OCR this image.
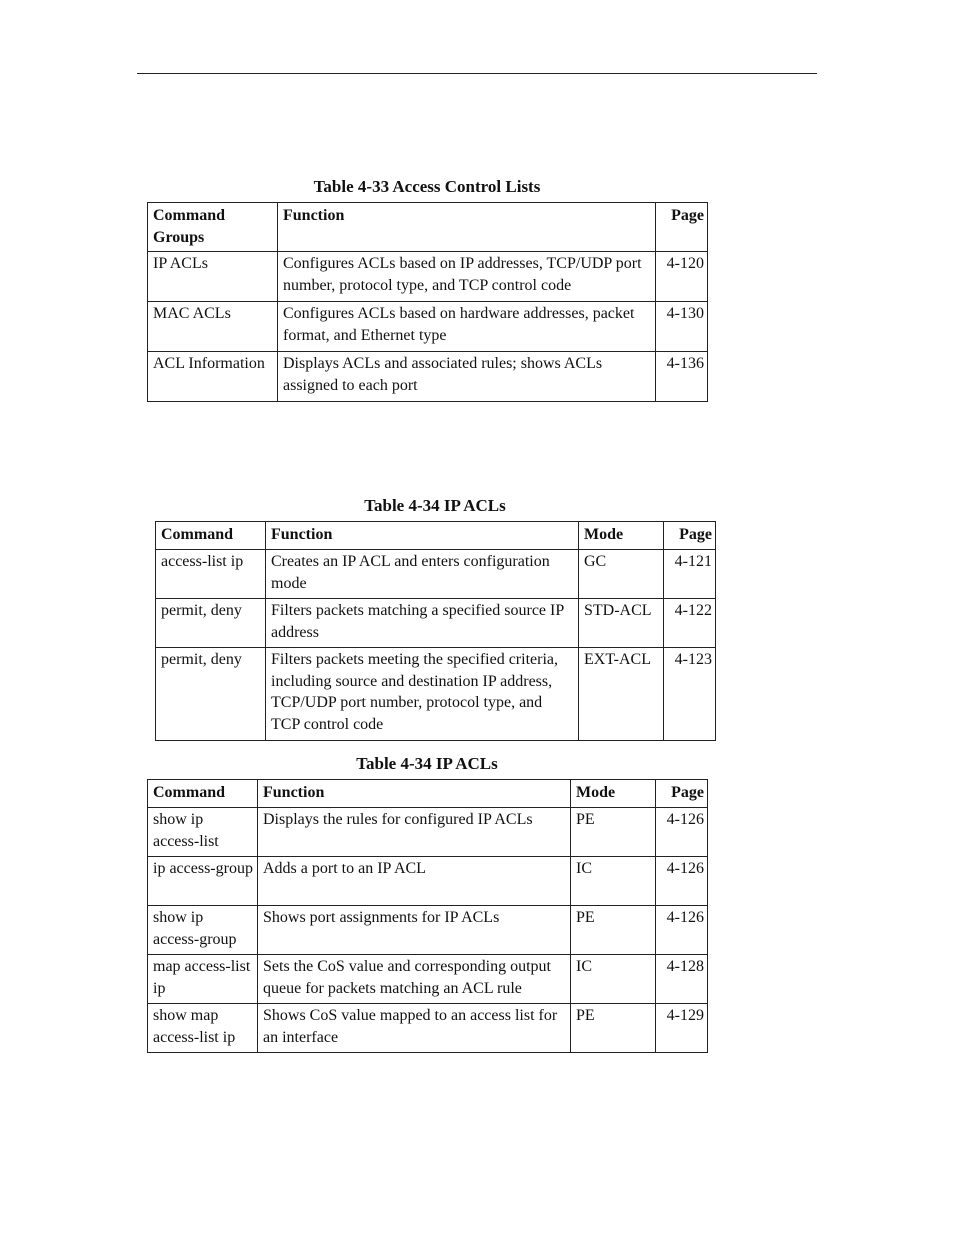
Table 4-33 Access Control Lists
Command Groups	Function	Page
IP ACLs	Configures ACLs based on IP addresses, TCP/UDP port number, protocol type, and TCP control code	4-120
MAC ACLs	Configures ACLs based on hardware addresses, packet format, and Ethernet type	4-130
ACL Information	Displays ACLs and associated rules; shows ACLs assigned to each port	4-136
Table 4-34 IP ACLs
Command	Function	Mode	Page
access-list ip	Creates an IP ACL and enters configuration mode	GC	4-121
permit, deny	Filters packets matching a specified source IP address	STD-ACL	4-122
permit, deny	Filters packets meeting the specified criteria, including source and destination IP address, TCP/UDP port number, protocol type, and TCP control code	EXT-ACL	4-123
Table 4-34 IP ACLs
Command	Function	Mode	Page
show ip access-list	Displays the rules for configured IP ACLs	PE	4-126
ip access-group	Adds a port to an IP ACL	IC	4-126
show ip access-group	Shows port assignments for IP ACLs	PE	4-126
map access-list ip	Sets the CoS value and corresponding output queue for packets matching an ACL rule	IC	4-128
show map access-list ip	Shows CoS value mapped to an access list for an interface	PE	4-129
